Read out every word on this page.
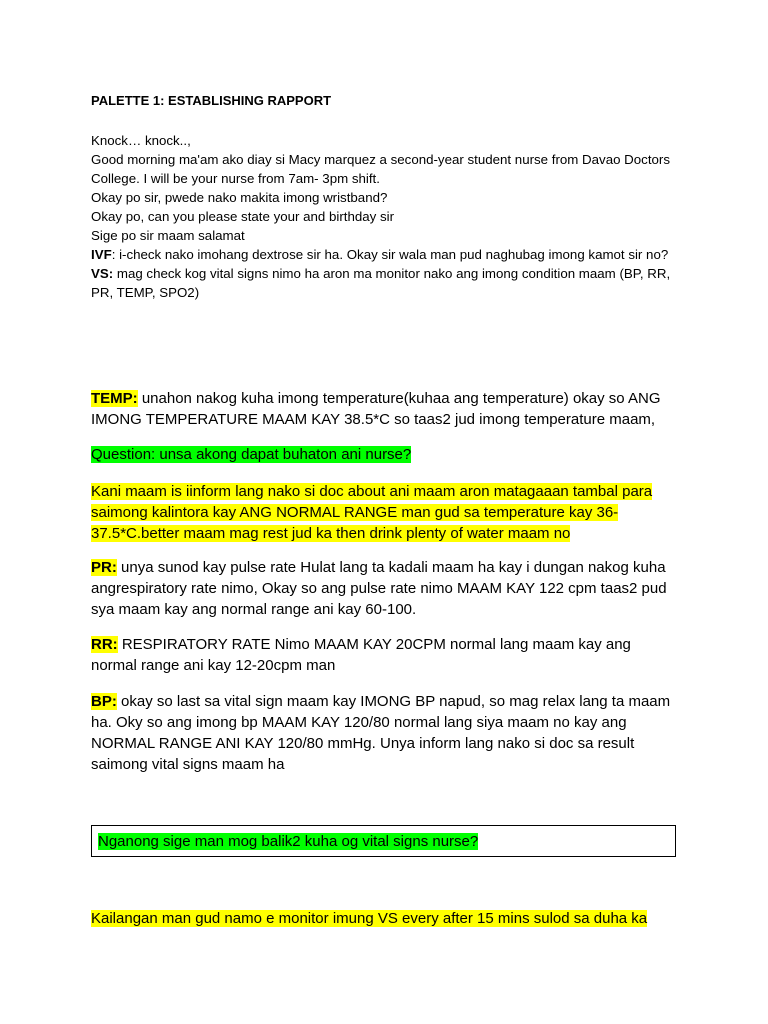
PALETTE 1: ESTABLISHING RAPPORT

Knock… knock..,

Good morning ma'am ako diay si Macy marquez a second-year student nurse from Davao Doctors College. I will be your nurse from 7am- 3pm shift.

Okay po sir, pwede nako makita imong wristband?

Okay po, can you please state your and birthday sir

Sige po sir maam salamat

IVF: i-check nako imohang dextrose sir ha. Okay sir wala man pud naghubag imong kamot sir no?

VS: mag check kog vital signs nimo ha aron ma monitor nako ang imong condition maam (BP, RR, PR, TEMP, SPO2)

TEMP: unahon nakog kuha imong temperature(kuhaa ang temperature) okay so ANG IMONG TEMPERATURE MAAM KAY 38.5*C so taas2 jud imong temperature maam,

Question: unsa akong dapat buhaton ani nurse?

Kani maam is iinform lang nako si doc about ani maam aron matagaaan tambal para saimong kalintora kay ANG NORMAL RANGE man gud sa temperature kay 36-37.5*C.better maam mag rest jud ka then drink plenty of water maam no

PR: unya sunod kay pulse rate Hulat lang ta kadali maam ha kay i dungan nakog kuha angrespiratory rate nimo, Okay so ang pulse rate nimo MAAM KAY 122 cpm taas2 pud sya maam kay ang normal range ani kay 60-100.

RR: RESPIRATORY RATE Nimo MAAM KAY 20CPM normal lang maam kay ang normal range ani kay 12-20cpm man

BP: okay so last sa vital sign maam kay IMONG BP napud, so mag relax lang ta maam ha. Oky so ang imong bp MAAM KAY 120/80 normal lang siya maam no kay ang NORMAL RANGE ANI KAY 120/80 mmHg. Unya inform lang nako si doc sa result saimong vital signs maam ha

Nganong sige man mog balik2 kuha og vital signs nurse?

Kailangan man gud namo e monitor imung VS every after 15 mins sulod sa duha ka
